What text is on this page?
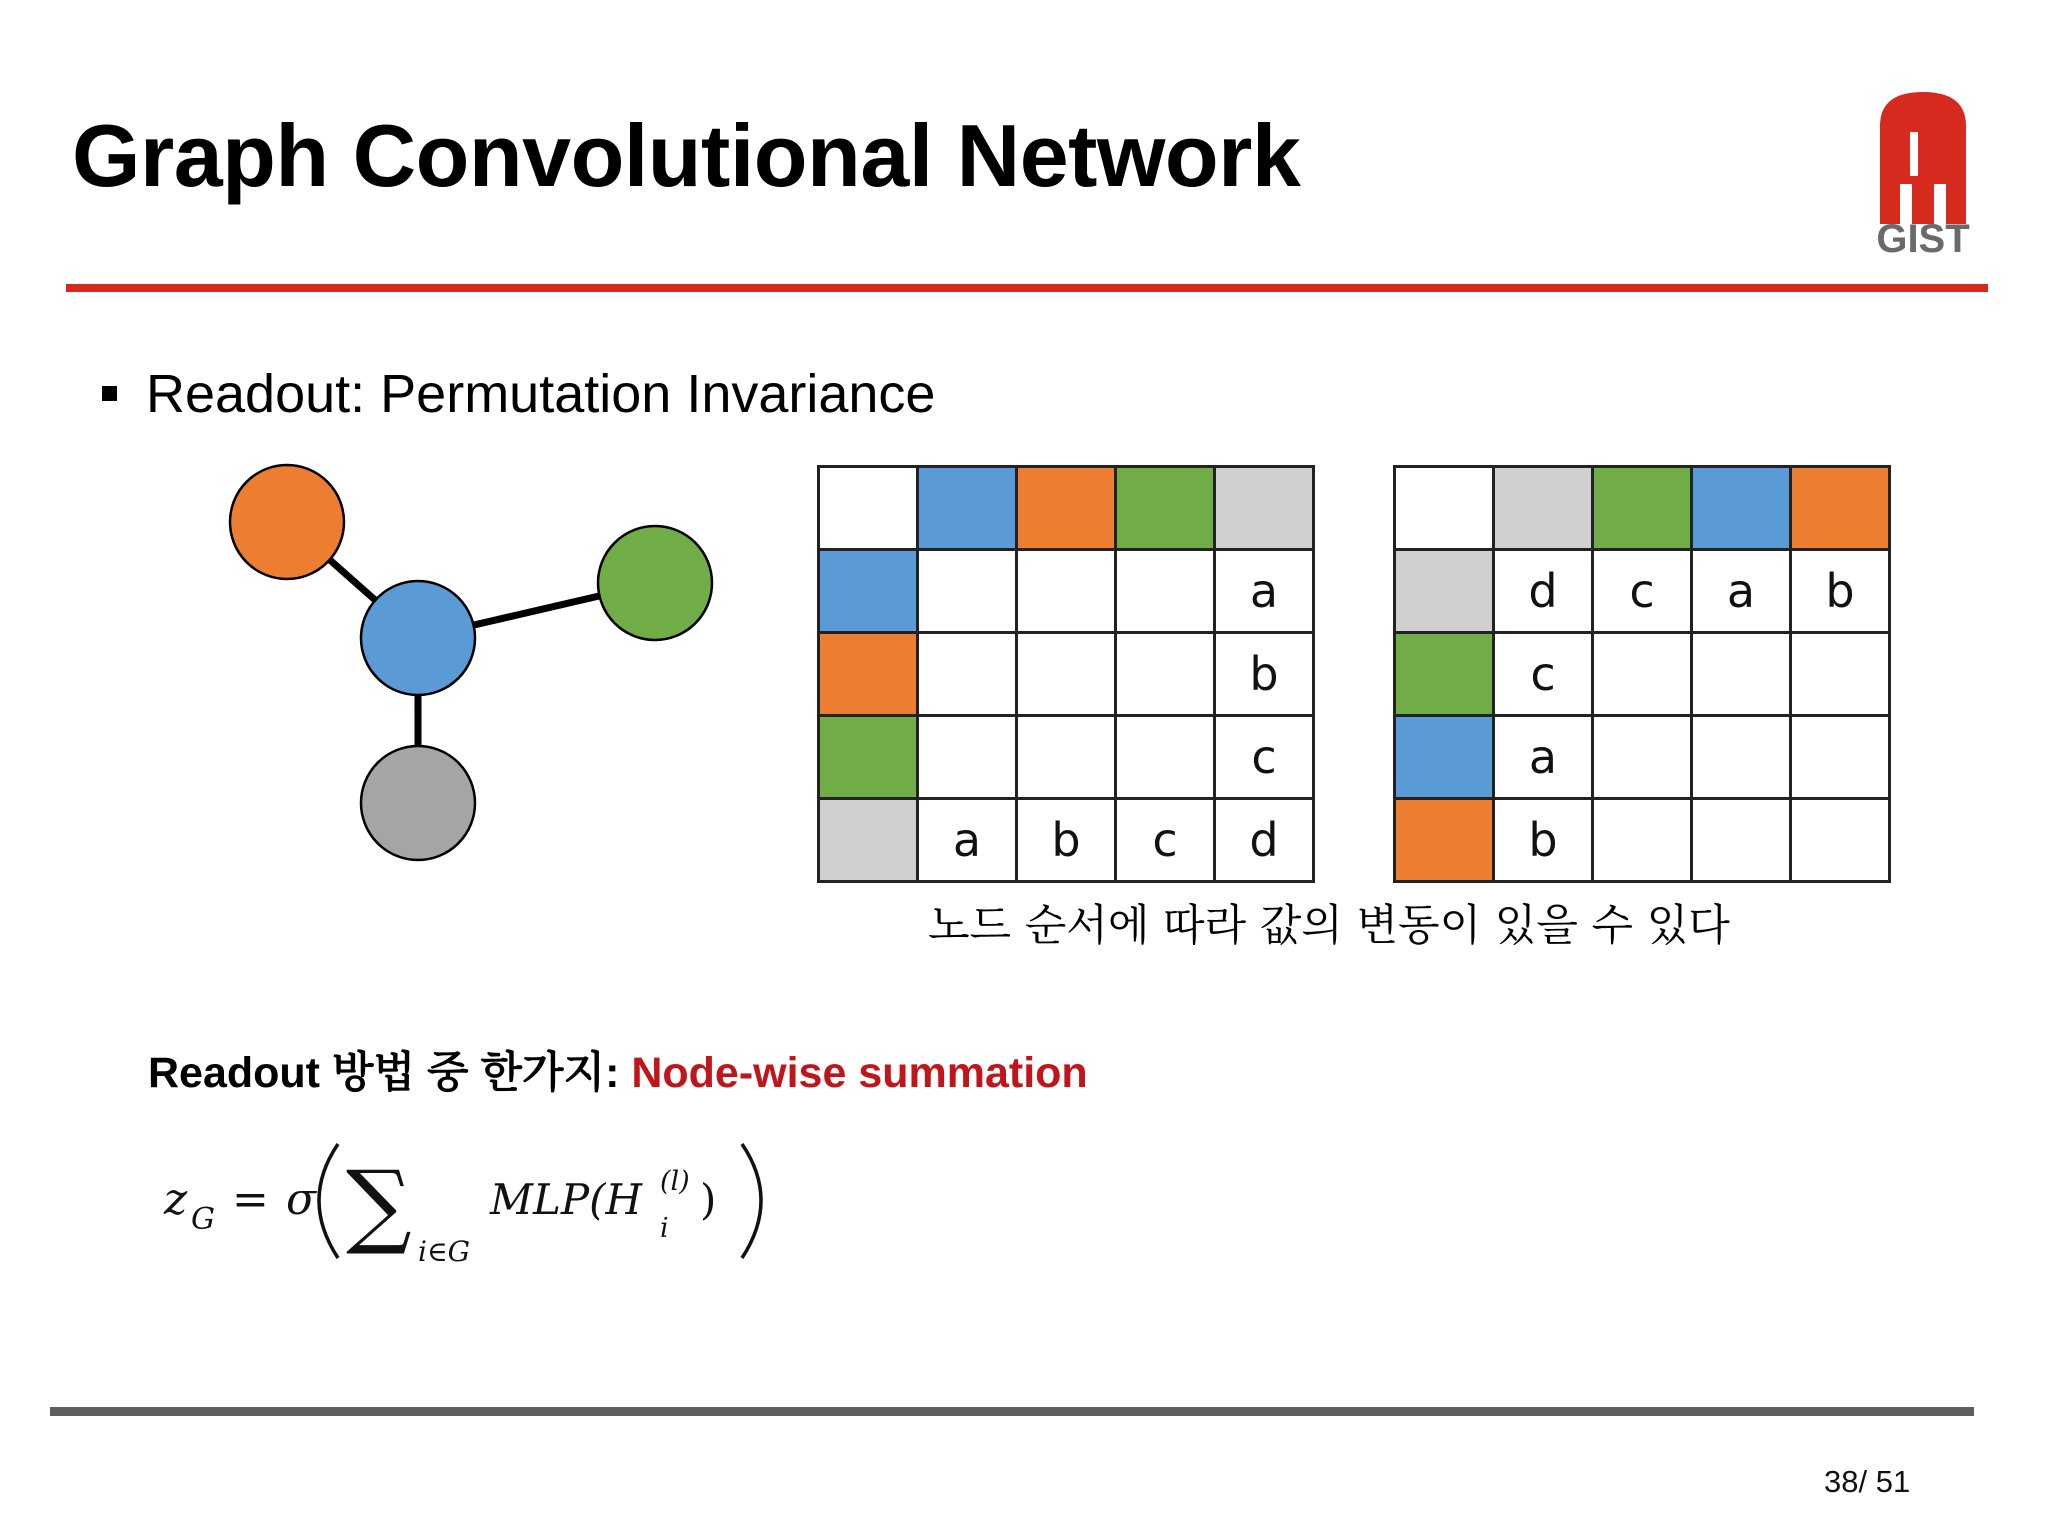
Graph Convolutional Network
GIST
Readout: Permutation Invariance

				a
				b
				c
	a	b	c	d

	d	c	a	b
	c			
	a			
	b			
노드 순서에 따라 값의 변동이 있을 수 있다
Readout 방법 중 한가지: Node-wise summation
z G = σ ∑ i∈G
MLP(H (l)
i
)
38/ 51
